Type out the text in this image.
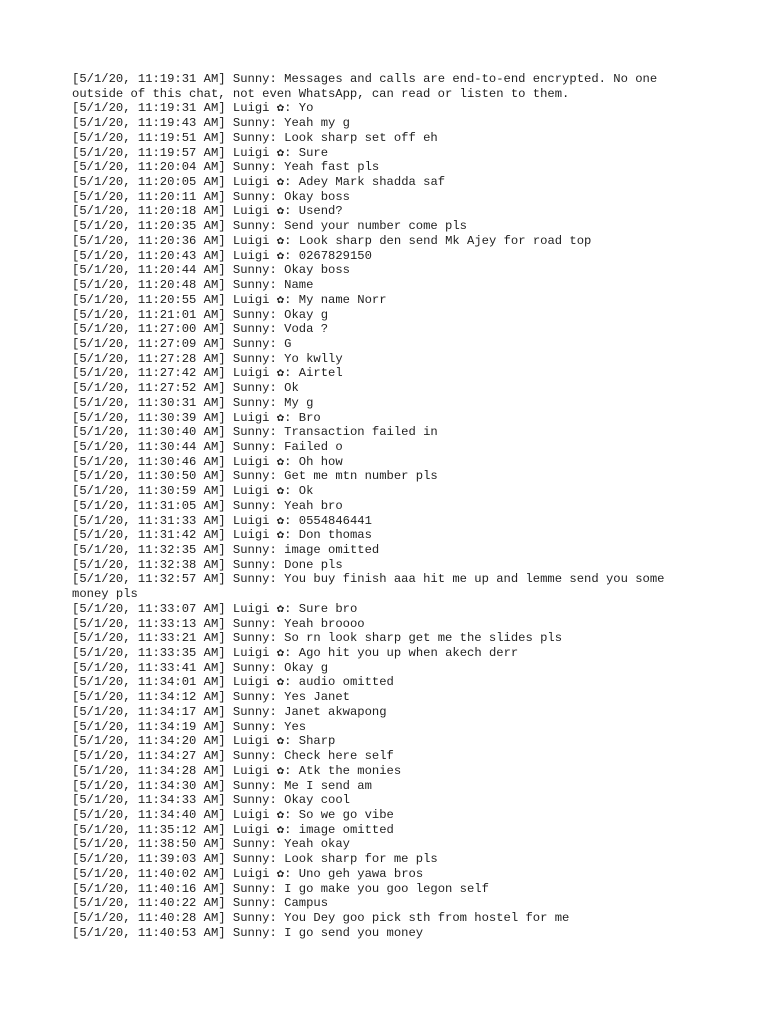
[5/1/20, 11:19:31 AM] Sunny: Messages and calls are end-to-end encrypted. No one outside of this chat, not even WhatsApp, can read or listen to them.
[5/1/20, 11:19:31 AM] Luigi ✿: Yo
[5/1/20, 11:19:43 AM] Sunny: Yeah my g
[5/1/20, 11:19:51 AM] Sunny: Look sharp set off eh
[5/1/20, 11:19:57 AM] Luigi ✿: Sure
[5/1/20, 11:20:04 AM] Sunny: Yeah fast pls
[5/1/20, 11:20:05 AM] Luigi ✿: Adey Mark shadda saf
[5/1/20, 11:20:11 AM] Sunny: Okay boss
[5/1/20, 11:20:18 AM] Luigi ✿: Usend?
[5/1/20, 11:20:35 AM] Sunny: Send your number come pls
[5/1/20, 11:20:36 AM] Luigi ✿: Look sharp den send Mk Ajey for road top
[5/1/20, 11:20:43 AM] Luigi ✿: 0267829150
[5/1/20, 11:20:44 AM] Sunny: Okay boss
[5/1/20, 11:20:48 AM] Sunny: Name
[5/1/20, 11:20:55 AM] Luigi ✿: My name Norr
[5/1/20, 11:21:01 AM] Sunny: Okay g
[5/1/20, 11:27:00 AM] Sunny: Voda ?
[5/1/20, 11:27:09 AM] Sunny: G
[5/1/20, 11:27:28 AM] Sunny: Yo kwlly
[5/1/20, 11:27:42 AM] Luigi ✿: Airtel
[5/1/20, 11:27:52 AM] Sunny: Ok
[5/1/20, 11:30:31 AM] Sunny: My g
[5/1/20, 11:30:39 AM] Luigi ✿: Bro
[5/1/20, 11:30:40 AM] Sunny: Transaction failed in
[5/1/20, 11:30:44 AM] Sunny: Failed o
[5/1/20, 11:30:46 AM] Luigi ✿: Oh how
[5/1/20, 11:30:50 AM] Sunny: Get me mtn number pls
[5/1/20, 11:30:59 AM] Luigi ✿: Ok
[5/1/20, 11:31:05 AM] Sunny: Yeah bro
[5/1/20, 11:31:33 AM] Luigi ✿: 0554846441
[5/1/20, 11:31:42 AM] Luigi ✿: Don thomas
[5/1/20, 11:32:35 AM] Sunny: image omitted
[5/1/20, 11:32:38 AM] Sunny: Done pls
[5/1/20, 11:32:57 AM] Sunny: You buy finish aaa hit me up and lemme send you some money pls
[5/1/20, 11:33:07 AM] Luigi ✿: Sure bro
[5/1/20, 11:33:13 AM] Sunny: Yeah broooo
[5/1/20, 11:33:21 AM] Sunny: So rn look sharp get me the slides pls
[5/1/20, 11:33:35 AM] Luigi ✿: Ago hit you up when akech derr
[5/1/20, 11:33:41 AM] Sunny: Okay g
[5/1/20, 11:34:01 AM] Luigi ✿: audio omitted
[5/1/20, 11:34:12 AM] Sunny: Yes Janet
[5/1/20, 11:34:17 AM] Sunny: Janet akwapong
[5/1/20, 11:34:19 AM] Sunny: Yes
[5/1/20, 11:34:20 AM] Luigi ✿: Sharp
[5/1/20, 11:34:27 AM] Sunny: Check here self
[5/1/20, 11:34:28 AM] Luigi ✿: Atk the monies
[5/1/20, 11:34:30 AM] Sunny: Me I send am
[5/1/20, 11:34:33 AM] Sunny: Okay cool
[5/1/20, 11:34:40 AM] Luigi ✿: So we go vibe
[5/1/20, 11:35:12 AM] Luigi ✿: image omitted
[5/1/20, 11:38:50 AM] Sunny: Yeah okay
[5/1/20, 11:39:03 AM] Sunny: Look sharp for me pls
[5/1/20, 11:40:02 AM] Luigi ✿: Uno geh yawa bros
[5/1/20, 11:40:16 AM] Sunny: I go make you goo legon self
[5/1/20, 11:40:22 AM] Sunny: Campus
[5/1/20, 11:40:28 AM] Sunny: You Dey goo pick sth from hostel for me
[5/1/20, 11:40:53 AM] Sunny: I go send you money
